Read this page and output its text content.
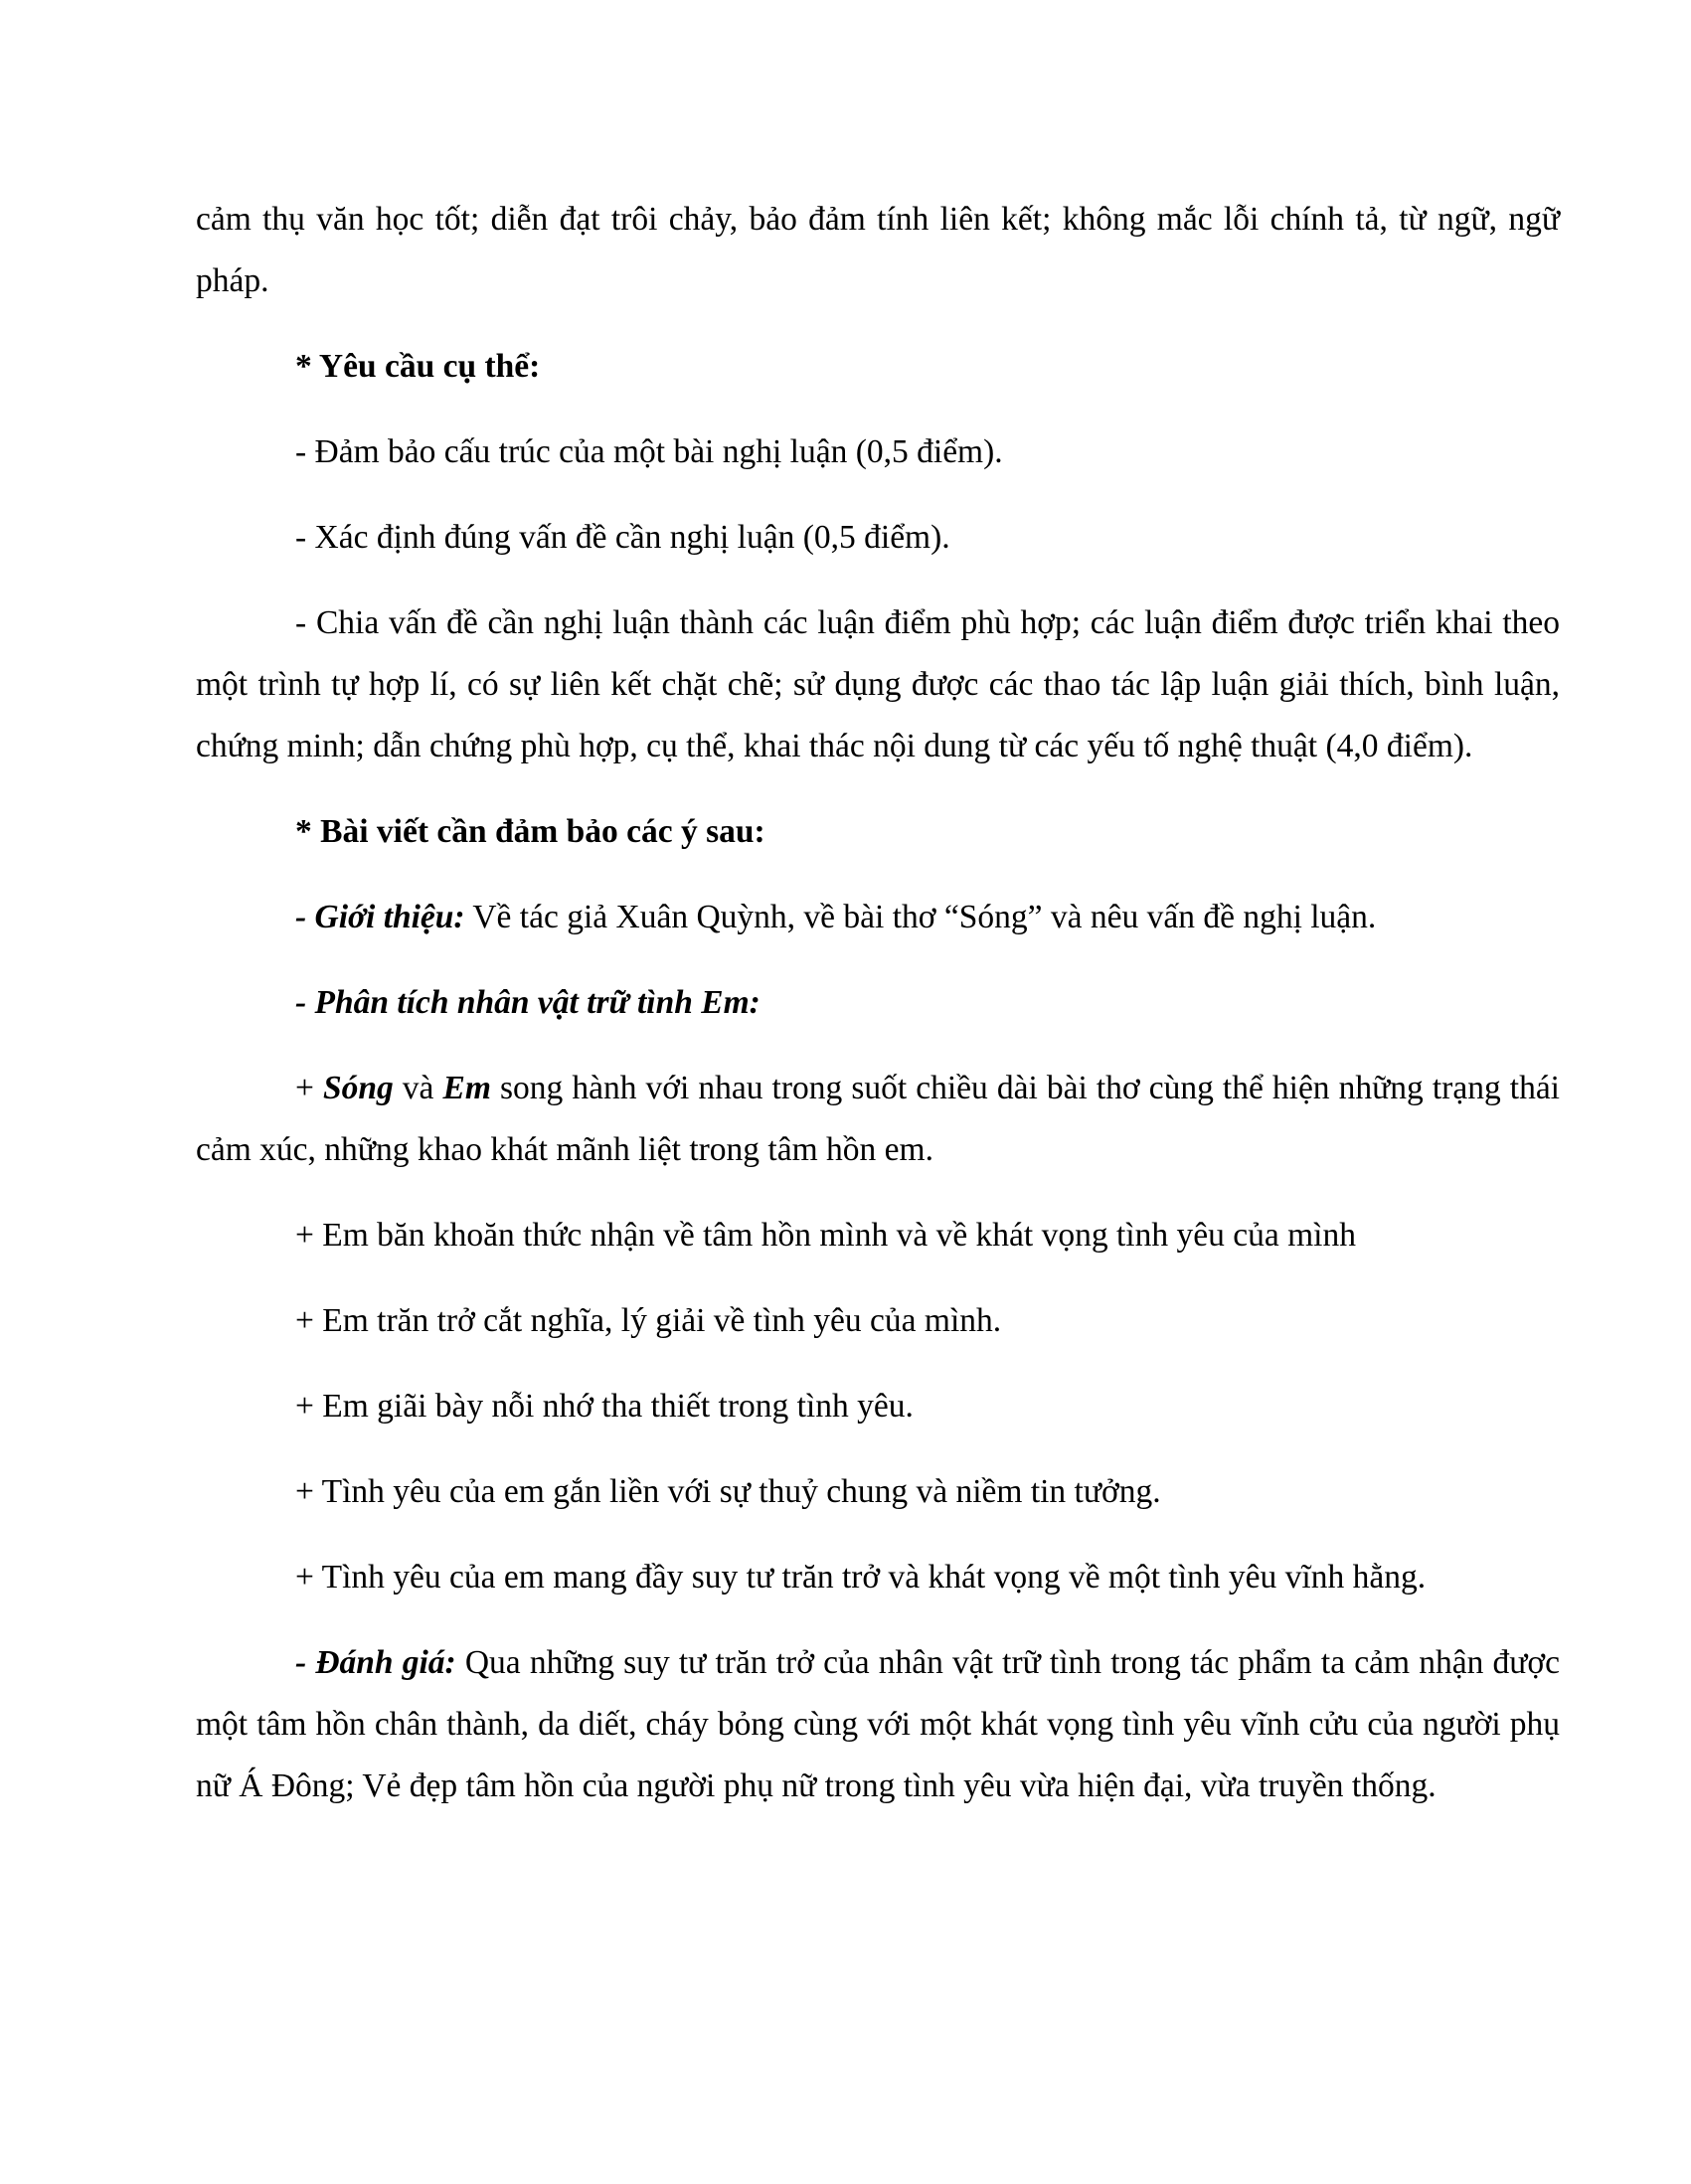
cảm thụ văn học tốt; diễn đạt trôi chảy, bảo đảm tính liên kết; không mắc lỗi chính tả, từ ngữ, ngữ pháp.

* Yêu cầu cụ thể:

- Đảm bảo cấu trúc của một bài nghị luận (0,5 điểm).

- Xác định đúng vấn đề cần nghị luận (0,5 điểm).

- Chia vấn đề cần nghị luận thành các luận điểm phù hợp; các luận điểm được triển khai theo một trình tự hợp lí, có sự liên kết chặt chẽ; sử dụng được các thao tác lập luận giải thích, bình luận, chứng minh; dẫn chứng phù hợp, cụ thể, khai thác nội dung từ các yếu tố nghệ thuật (4,0 điểm).

* Bài viết cần đảm bảo các ý sau:

- Giới thiệu: Về tác giả Xuân Quỳnh, về bài thơ “Sóng” và nêu vấn đề nghị luận.

- Phân tích nhân vật trữ tình Em:

+ Sóng và Em song hành với nhau trong suốt chiều dài bài thơ cùng thể hiện những trạng thái cảm xúc, những khao khát mãnh liệt trong tâm hồn em.

+ Em băn khoăn thức nhận về tâm hồn mình và về khát vọng tình yêu của mình

+ Em trăn trở cắt nghĩa, lý giải về tình yêu của mình.

+ Em giãi bày nỗi nhớ tha thiết trong tình yêu.

+ Tình yêu của em gắn liền với sự thuỷ chung và niềm tin tưởng.

+ Tình yêu của em mang đầy suy tư trăn trở và khát vọng về một tình yêu vĩnh hằng.

- Đánh giá: Qua những suy tư trăn trở của nhân vật trữ tình trong tác phẩm ta cảm nhận được một tâm hồn chân thành, da diết, cháy bỏng cùng với một khát vọng tình yêu vĩnh cửu của người phụ nữ Á Đông; Vẻ đẹp tâm hồn của người phụ nữ trong tình yêu vừa hiện đại, vừa truyền thống.
